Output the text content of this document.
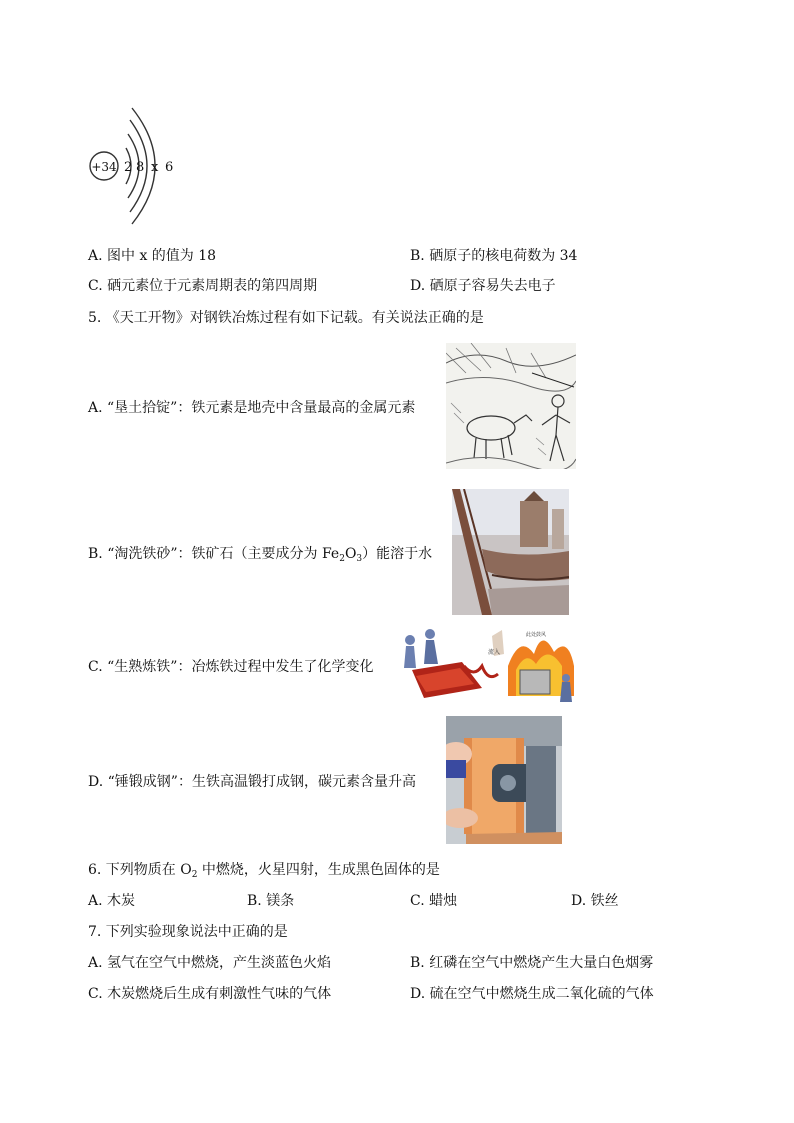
+34 2 8 x 6
A. 图中 x 的值为 18	B. 硒原子的核电荷数为 34
C. 硒元素位于元素周期表的第四周期	D. 硒原子容易失去电子
5. 《天工开物》对钢铁冶炼过程有如下记载。有关说法正确的是
A. “垦土拾锭”：铁元素是地壳中含量最高的金属元素
B. “淘洗铁砂”：铁矿石（主要成分为 $Fe_2O_3$）能溶于水
C. “生熟炼铁”：冶炼铁过程中发生了化学变化
流入
此处鼓风
D. “锤锻成钢”：生铁高温锻打成钢，碳元素含量升高
6. 下列物质在 $O_2$ 中燃烧，火星四射，生成黑色固体的是
A. 木炭	B. 镁条	C. 蜡烛	D. 铁丝
7. 下列实验现象说法中正确的是
A. 氢气在空气中燃烧，产生淡蓝色火焰	B. 红磷在空气中燃烧产生大量白色烟雾
C. 木炭燃烧后生成有刺激性气味的气体	D. 硫在空气中燃烧生成二氧化硫的气体
